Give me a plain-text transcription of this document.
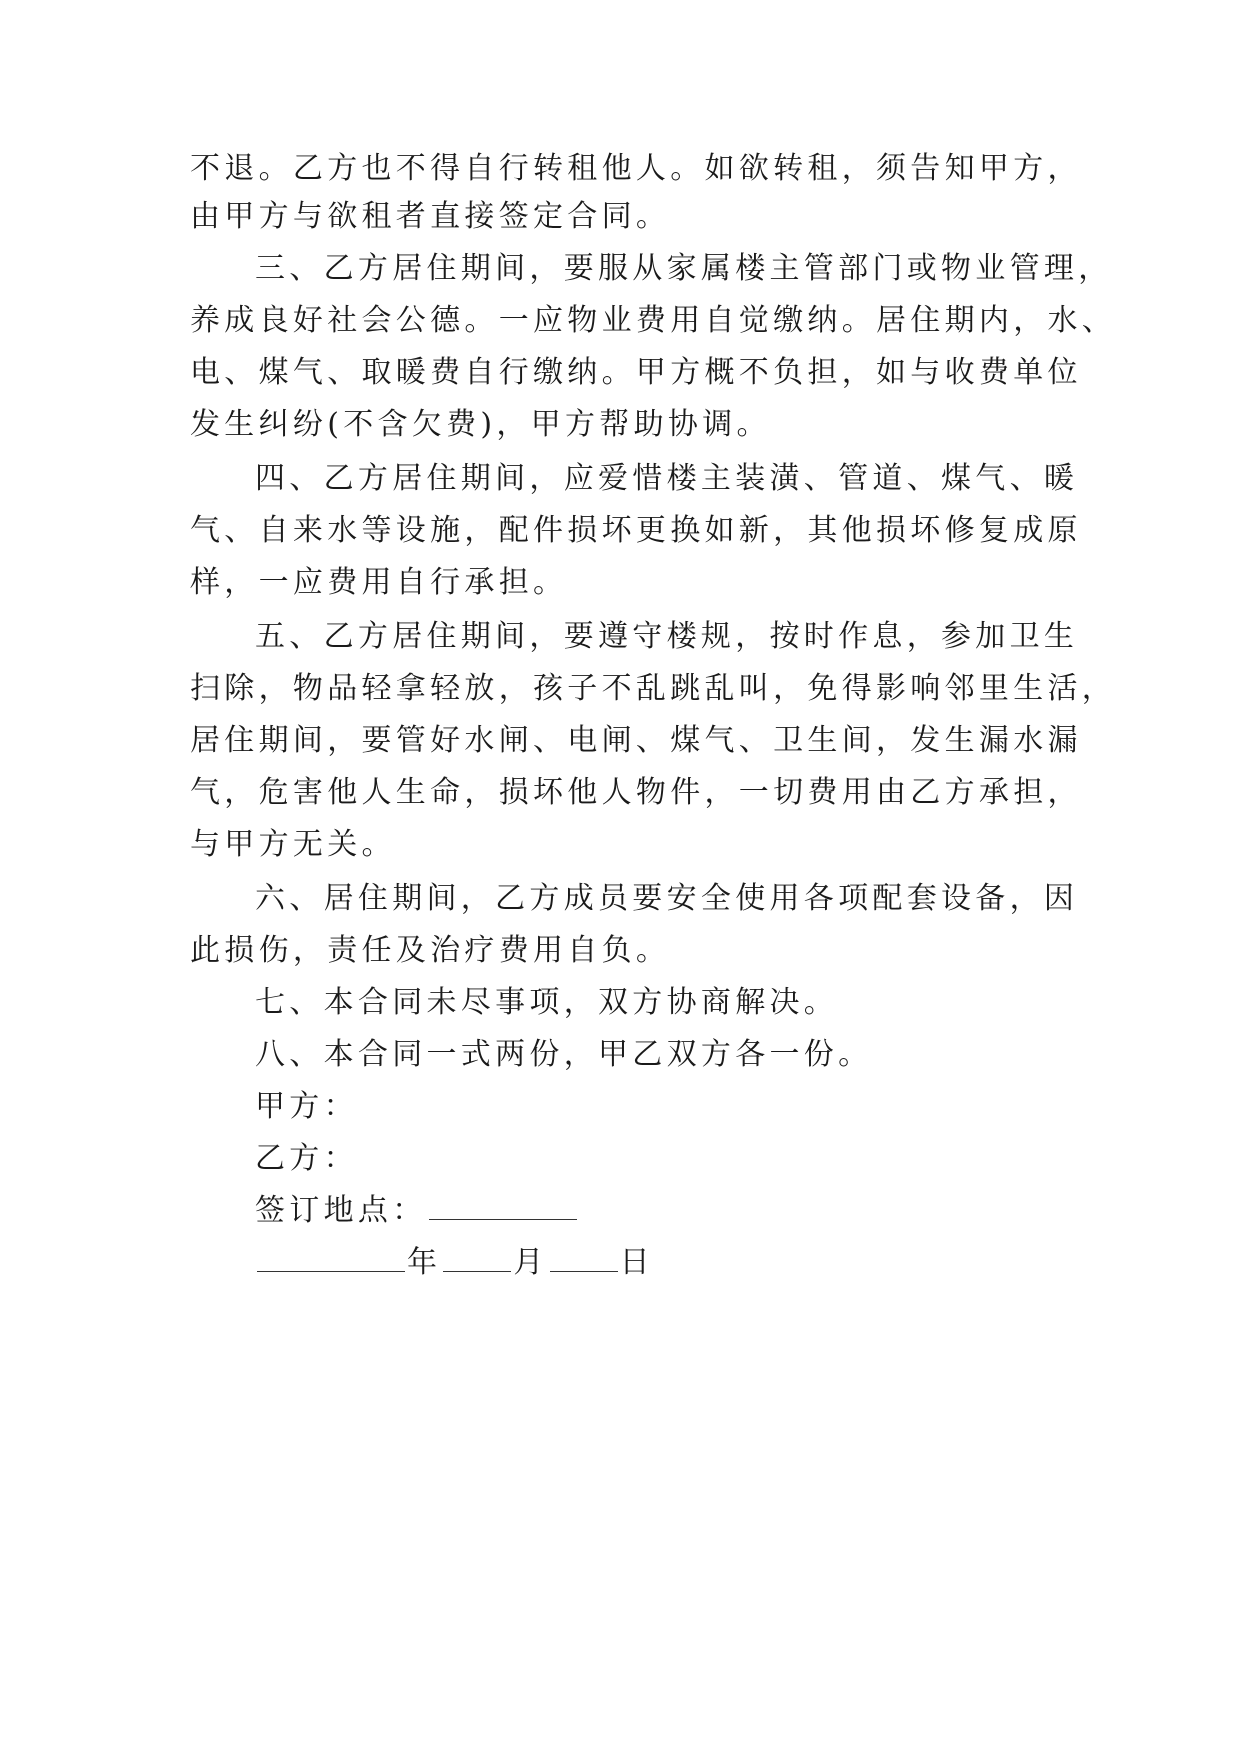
不退。乙方也不得自行转租他人。如欲转租，须告知甲方，
由甲方与欲租者直接签定合同。
三、乙方居住期间，要服从家属楼主管部门或物业管理，
养成良好社会公德。一应物业费用自觉缴纳。居住期内，水、
电、煤气、取暖费自行缴纳。甲方概不负担，如与收费单位
发生纠纷(不含欠费)，甲方帮助协调。
四、乙方居住期间，应爱惜楼主装潢、管道、煤气、暖
气、自来水等设施，配件损坏更换如新，其他损坏修复成原
样，一应费用自行承担。
五、乙方居住期间，要遵守楼规，按时作息，参加卫生
扫除，物品轻拿轻放，孩子不乱跳乱叫，免得影响邻里生活，
居住期间，要管好水闸、电闸、煤气、卫生间，发生漏水漏
气，危害他人生命，损坏他人物件，一切费用由乙方承担，
与甲方无关。
六、居住期间，乙方成员要安全使用各项配套设备，因
此损伤，责任及治疗费用自负。
七、本合同未尽事项，双方协商解决。
八、本合同一式两份，甲乙双方各一份。
甲方：
乙方：
签订地点：
年 月 日
